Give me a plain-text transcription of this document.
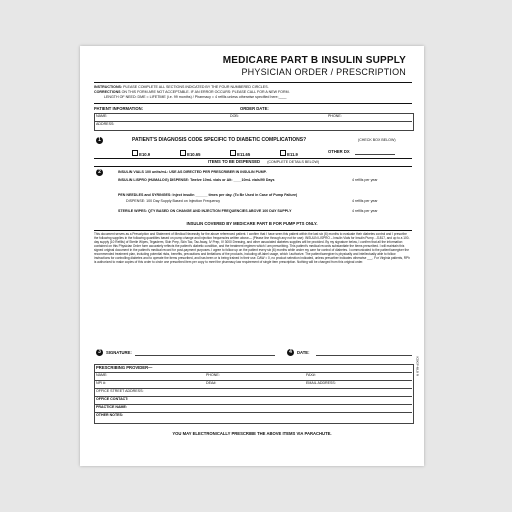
MEDICARE PART B INSULIN SUPPLY
PHYSICIAN ORDER / PRESCRIPTION
INSTRUCTIONS: PLEASE COMPLETE ALL SECTIONS INDICATED BY THE FOUR NUMBERED CIRCLES.
CORRECTIONS ON THIS FORM ARE NOT ACCEPTABLE. IF AN ERROR OCCURS: PLEASE CALL FOR A NEW FORM.
LENGTH OF NEED: DME = LIFETIME (i.e. 99 months) / Pharmacy = 4 refills unless otherwise specified here:____
PATIENT INFORMATION:	ORDER DATE:
NAME:	DOB:	PHONE:
ADDRESS:
1	PATIENT'S DIAGNOSIS CODE SPECIFIC TO DIABETIC COMPLICATIONS?	(CHECK BOX BELOW)
E10.9	E10.65	E11.65	E11.9
OTHER DX
ITEMS TO BE DISPENSED (COMPLETE DETAILS BELOW)
2	INSULIN VIALS 100 units/mL: USE AS DIRECTED PER PRESCRIBER IN INSULIN PUMP.
INSULIN LISPRO (HUMALOG) DISPENSE: Twelve 10mL vials or Alt: ____10mL vials/90 Days	4 refills per year
PEN NEEDLES and SYRINGES: Inject insulin ______ times per day. (To Be Used in Case of Pump Failure)
DISPENSE: 100 Day Supply Based on Injection Frequency	4 refills per year
STERILE WIPES: QTY BASED ON CHANGE AND INJECTION FREQUENCIES ABOVE 100 DAY SUPPLY	4 refills per year
INSULIN COVERED BY MEDICARE PART B FOR PUMP PTS ONLY.
This document serves as a Prescription and Statement of Medical Necessity for the above referenced patient. I confirm that I have seen this patient within the last six (6) months to evaluate their diabetes control and I prescribe the following supplies in the following quantities based on pump change and injection frequencies written above— (Please line through any not for use): INSULIN LISPRO – Insulin Vials for Insulin Pump - J1817, and up to a 100-day supply (10 Refills) of Sterile Wipes, Tegaderm, Skin Prep, Skin Tac, Tac Away, IV Prep, IV 3000 Dressing, and other associated diabetes supplies will be provided. By my signature below, I confirm that all the information contained on this Physician Order form accurately reflects the patient's diabetic condition, and the treatment regimen which I am prescribing. This patient's medical records substantiate the items prescribed. I will maintain this signed original document in the patient's medical record for post-payment purposes. I agree to follow up on the patient every six (6) months while under my care for control of diabetes. I communicated to the patient/caregiver the recommended treatment plan, including potential risks, benefits, precautions and limitations of the products, including off-label usage, which I authorize. The patient/caregiver is physically and intellectually able to follow instructions for controlling diabetes and to operate the items prescribed, and has been or is being trained in their use. DAW = 0, no product selection indicated, unless prescriber indicates otherwise ___. For Virginia patients, RPh is authorized to make copies of this order to circle one prescribed item per copy to meet the pharmacy law requirement of single item prescription. Nothing will be changed from this original order.
3	SIGNATURE:	4	DATE:
PRESCRIBING PROVIDER—
NAME:	PHONE:	FAX#:
NPI #:	DEA#:	EMAIL ADDRESS:
OFFICE STREET ADDRESS:
OFFICE CONTACT:
PRACTICE NAME:
OTHER NOTES:
YOU MAY ELECTRONICALLY PRESCRIBE THE ABOVE ITEMS VIA PARACHUTE.
ICBGP-MLB R
